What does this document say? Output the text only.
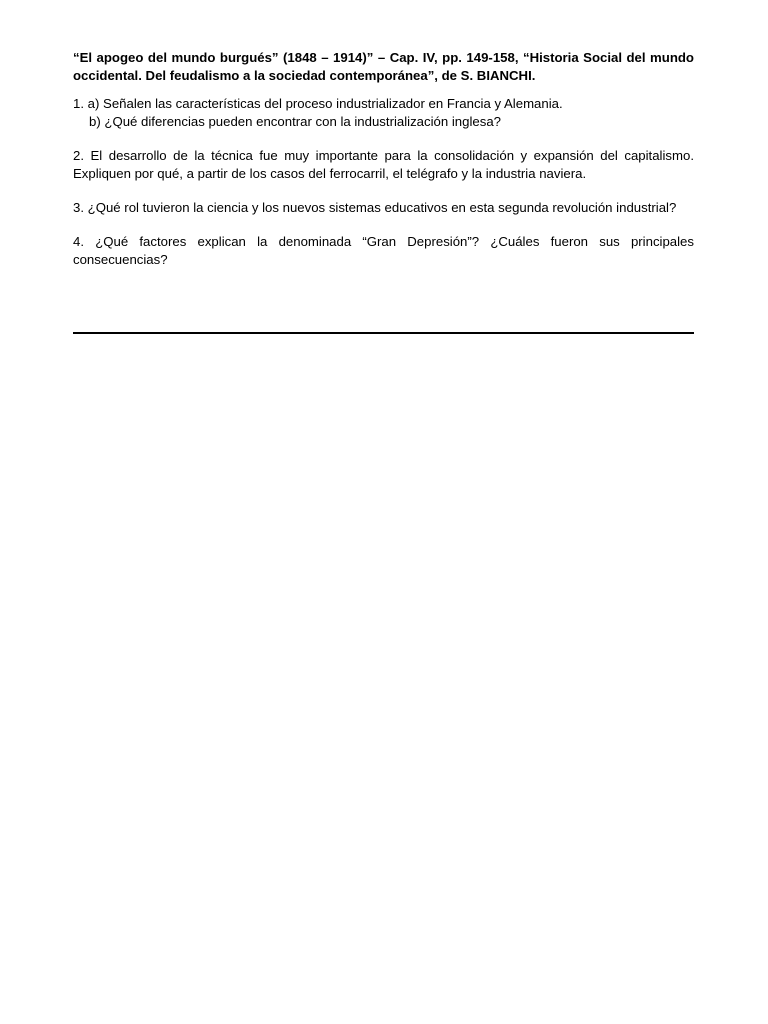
“El apogeo del mundo burgués” (1848 – 1914)” – Cap. IV, pp. 149-158, “Historia Social del mundo occidental. Del feudalismo a la sociedad contemporánea”, de S. BIANCHI.

1. a) Señalen las características del proceso industrializador en Francia y Alemania.
b) ¿Qué diferencias pueden encontrar con la industrialización inglesa?

2. El desarrollo de la técnica fue muy importante para la consolidación y expansión del capitalismo. Expliquen por qué, a partir de los casos del ferrocarril, el telégrafo y la industria naviera.

3. ¿Qué rol tuvieron la ciencia y los nuevos sistemas educativos en esta segunda revolución industrial?

4. ¿Qué factores explican la denominada “Gran Depresión”? ¿Cuáles fueron sus principales consecuencias?
